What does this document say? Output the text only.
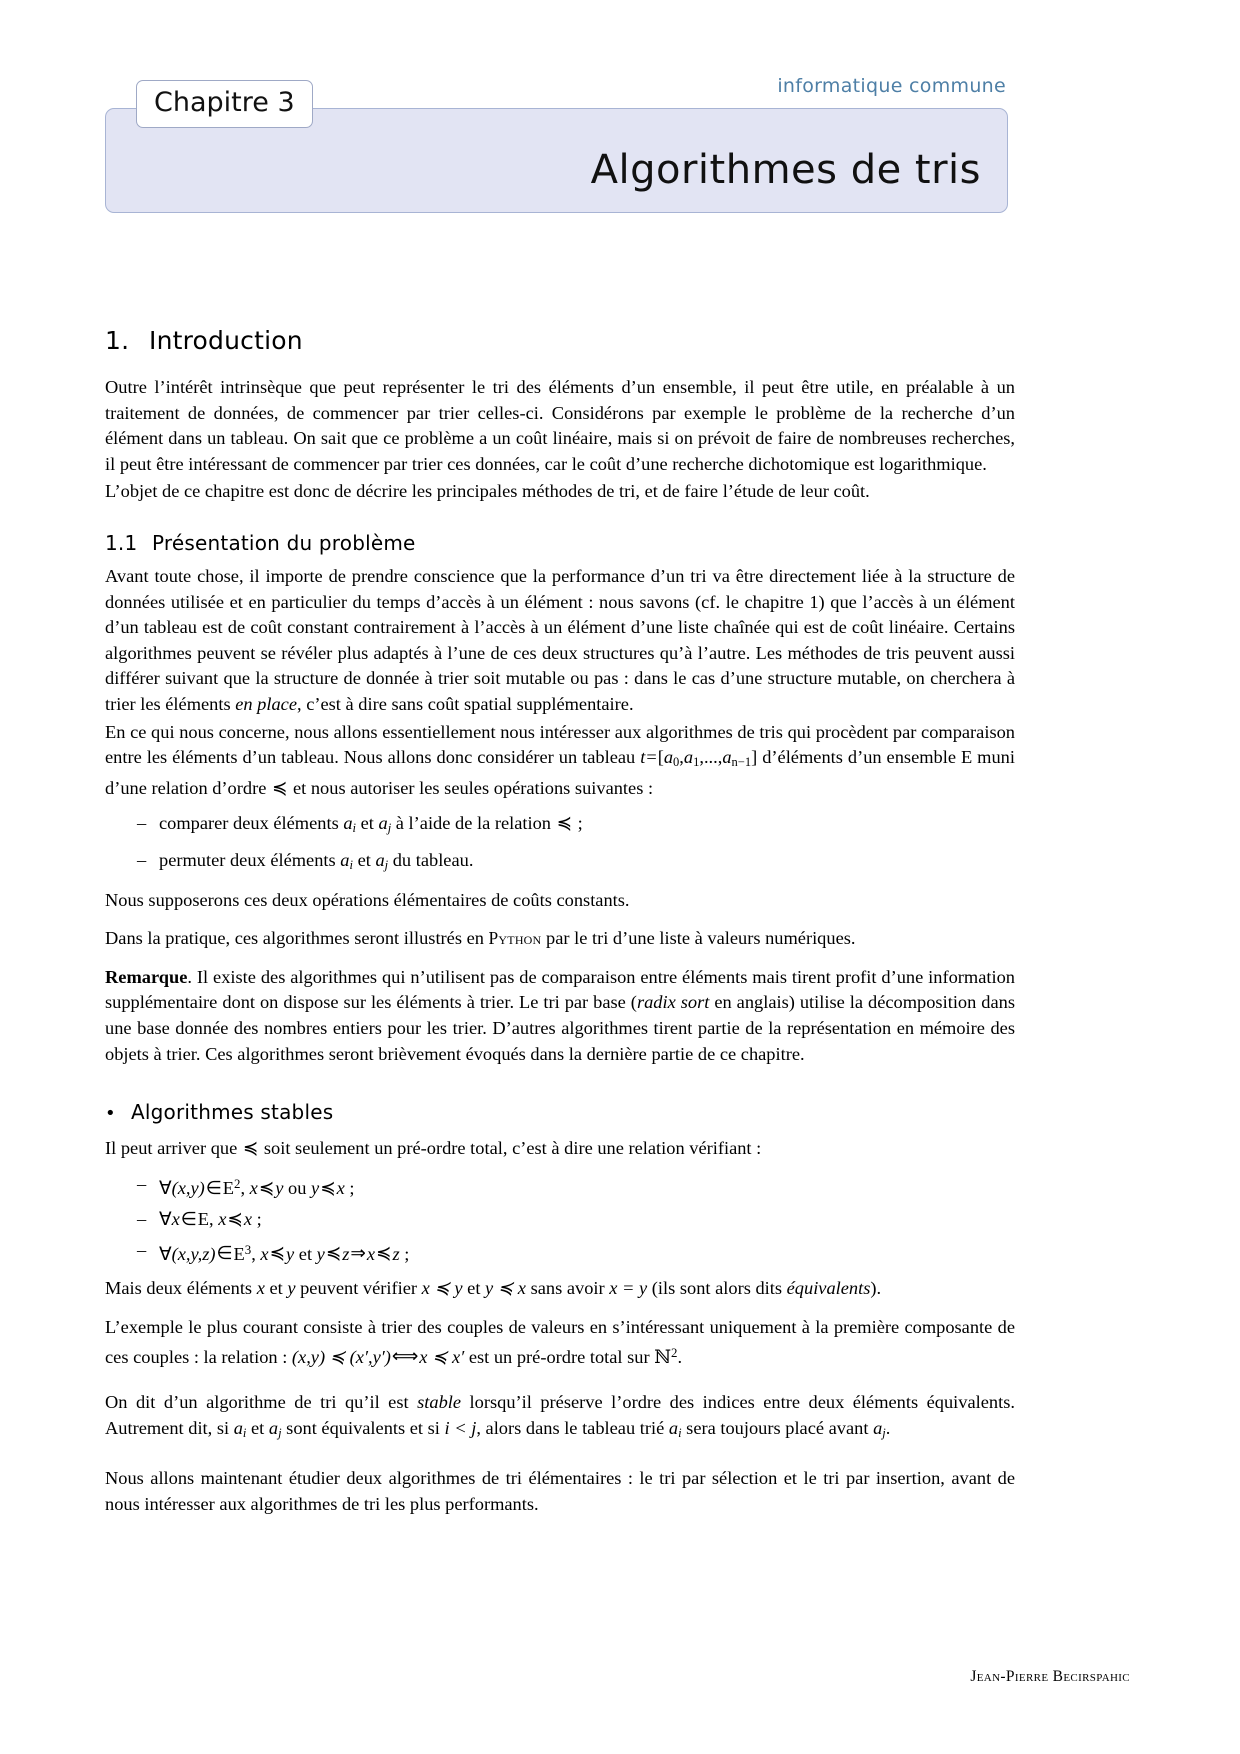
informatique commune
Algorithmes de tris
Chapitre 3
1. Introduction

Outre l’intérêt intrinsèque que peut représenter le tri des éléments d’un ensemble, il peut être utile, en préalable à un traitement de données, de commencer par trier celles-ci. Considérons par exemple le problème de la recherche d’un élément dans un tableau. On sait que ce problème a un coût linéaire, mais si on prévoit de faire de nombreuses recherches, il peut être intéressant de commencer par trier ces données, car le coût d’une recherche dichotomique est logarithmique.

L’objet de ce chapitre est donc de décrire les principales méthodes de tri, et de faire l’étude de leur coût.

1.1 Présentation du problème

Avant toute chose, il importe de prendre conscience que la performance d’un tri va être directement liée à la structure de données utilisée et en particulier du temps d’accès à un élément : nous savons (cf. le chapitre 1) que l’accès à un élément d’un tableau est de coût constant contrairement à l’accès à un élément d’une liste chaînée qui est de coût linéaire. Certains algorithmes peuvent se révéler plus adaptés à l’une de ces deux structures qu’à l’autre. Les méthodes de tris peuvent aussi différer suivant que la structure de donnée à trier soit mutable ou pas : dans le cas d’une structure mutable, on cherchera à trier les éléments en place, c’est à dire sans coût spatial supplémentaire.

En ce qui nous concerne, nous allons essentiellement nous intéresser aux algorithmes de tris qui procèdent par comparaison entre les éléments d’un tableau. Nous allons donc considérer un tableau $t=[a_0,a_1,...,a_{n-1}]$ d’éléments d’un ensemble E muni d’une relation d’ordre ≼ et nous autoriser les seules opérations suivantes :

– comparer deux éléments $a_i$ et $a_j$ à l’aide de la relation ≼ ;
– permuter deux éléments $a_i$ et $a_j$ du tableau.

Nous supposerons ces deux opérations élémentaires de coûts constants.

Dans la pratique, ces algorithmes seront illustrés en Python par le tri d’une liste à valeurs numériques.

Remarque. Il existe des algorithmes qui n’utilisent pas de comparaison entre éléments mais tirent profit d’une information supplémentaire dont on dispose sur les éléments à trier. Le tri par base (radix sort en anglais) utilise la décomposition dans une base donnée des nombres entiers pour les trier. D’autres algorithmes tirent partie de la représentation en mémoire des objets à trier. Ces algorithmes seront brièvement évoqués dans la dernière partie de ce chapitre.

• Algorithmes stables

Il peut arriver que ≼ soit seulement un pré-ordre total, c’est à dire une relation vérifiant :

– $\forall(x,y)\in E^2$, x≼y ou y≼x ;
– ∀x∈E, x≼x ;
– $\forall(x,y,z)\in E^3$, x≼y et y≼z⇒x≼z ;

Mais deux éléments x et y peuvent vérifier x ≼ y et y ≼ x sans avoir x = y (ils sont alors dits équivalents).

L’exemple le plus courant consiste à trier des couples de valeurs en s’intéressant uniquement à la première composante de ces couples : la relation : (x,y) ≼ (x′,y′)⟺x ≼ x′ est un pré-ordre total sur ℕ$^2$.

On dit d’un algorithme de tri qu’il est stable lorsqu’il préserve l’ordre des indices entre deux éléments équivalents. Autrement dit, si $a_i$ et $a_j$ sont équivalents et si i < j, alors dans le tableau trié $a_i$ sera toujours placé avant $a_j$.

Nous allons maintenant étudier deux algorithmes de tri élémentaires : le tri par sélection et le tri par insertion, avant de nous intéresser aux algorithmes de tri les plus performants.

Jean-Pierre Becirspahic
